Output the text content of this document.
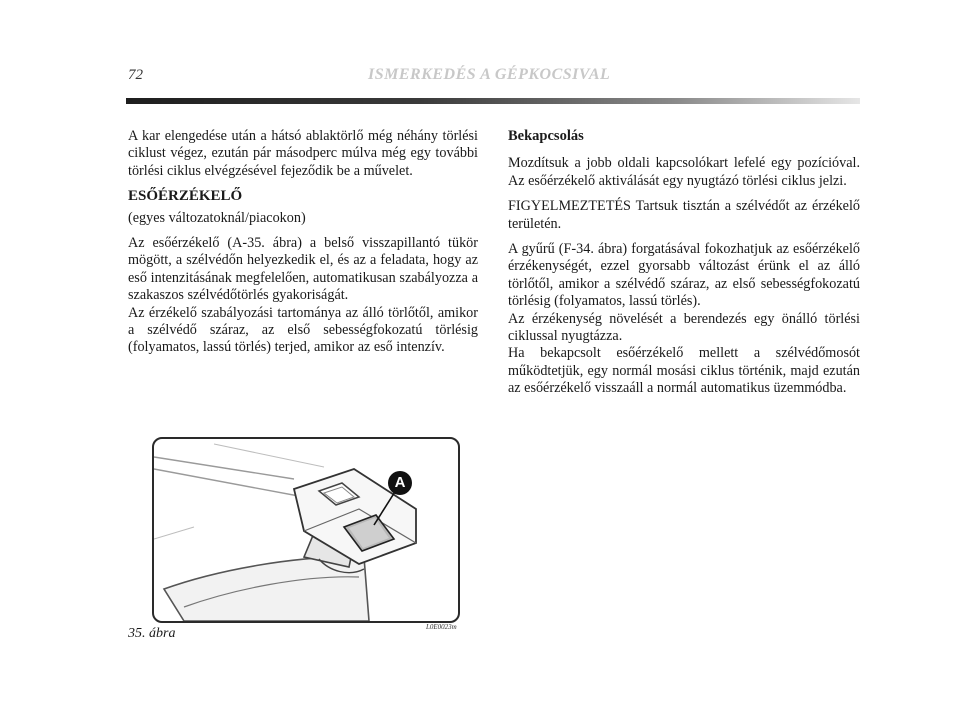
72	ISMERKEDÉS A GÉPKOCSIVAL

A kar elengedése után a hátsó ablaktörlő még néhány törlési ciklust végez, ezután pár másodperc múlva még egy további törlési ciklus elvégzésével fejeződik be a művelet.

ESŐÉRZÉKELŐ

(egyes változatoknál/piacokon)

Az esőérzékelő (A-35. ábra) a belső visszapillantó tükör mögött, a szélvédőn helyezkedik el, és az a feladata, hogy az eső intenzitásának megfelelően, automatikusan szabályozza a szakaszos szélvédőtörlés gyakoriságát.

Az érzékelő szabályozási tartománya az álló törlőtől, amikor a szélvédő száraz, az első sebességfokozatú törlésig (folyamatos, lassú törlés) terjed, amikor az eső intenzív.

Bekapcsolás

Mozdítsuk a jobb oldali kapcsolókart lefelé egy pozícióval. Az esőérzékelő aktiválását egy nyugtázó törlési ciklus jelzi.

FIGYELMEZTETÉS Tartsuk tisztán a szélvédőt az érzékelő területén.

A gyűrű (F-34. ábra) forgatásával fokozhatjuk az esőérzékelő érzékenységét, ezzel gyorsabb változást érünk el az álló törlőtől, amikor a szélvédő száraz, az első sebességfokozatú törlésig (folyamatos, lassú törlés).

Az érzékenység növelését a berendezés egy önálló törlési ciklussal nyugtázza.

Ha bekapcsolt esőérzékelő mellett a szélvédőmosót működtetjük, egy normál mosási ciklus történik, majd ezután az esőérzékelő visszaáll a normál automatikus üzemmódba.

A
35. ábra	L0E0023m
